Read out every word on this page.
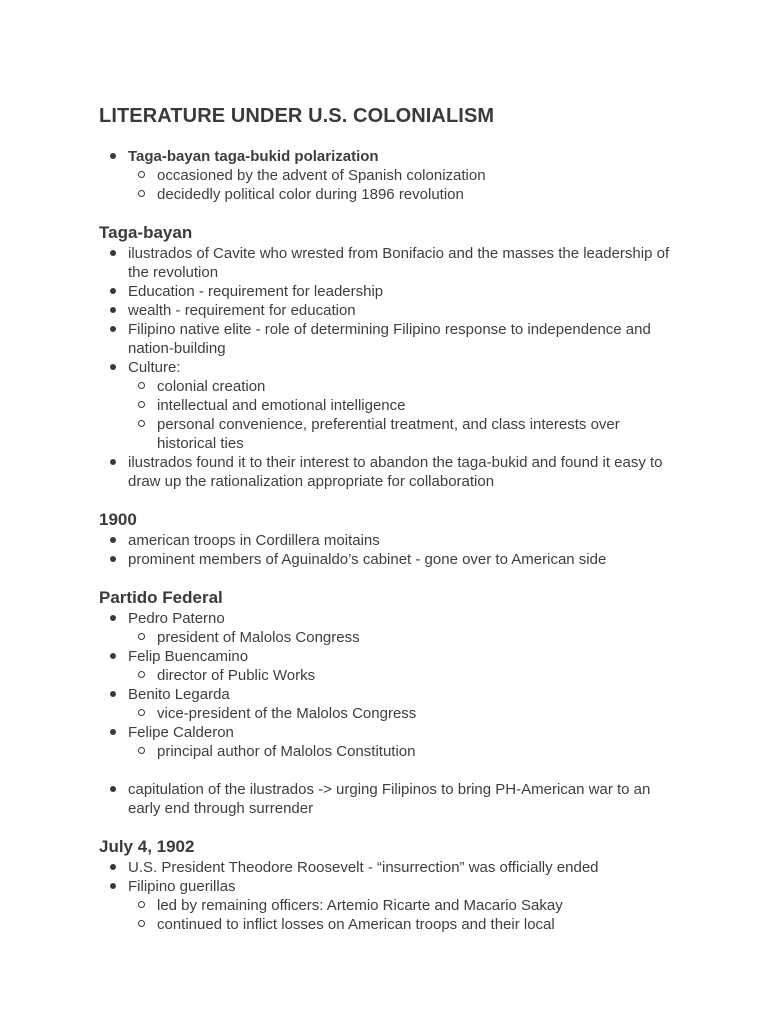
LITERATURE UNDER U.S. COLONIALISM
Taga-bayan taga-bukid polarization
occasioned by the advent of Spanish colonization
decidedly political color during 1896 revolution
Taga-bayan
ilustrados of Cavite who wrested from Bonifacio and the masses the leadership of the revolution
Education - requirement for leadership
wealth - requirement for education
Filipino native elite - role of determining Filipino response to independence and nation-building
Culture:
colonial creation
intellectual and emotional intelligence
personal convenience, preferential treatment, and class interests over historical ties
ilustrados found it to their interest to abandon the taga-bukid and found it easy to draw up the rationalization appropriate for collaboration
1900
american troops in Cordillera moitains
prominent members of Aguinaldo’s cabinet - gone over to American side
Partido Federal
Pedro Paterno
president of Malolos Congress
Felip Buencamino
director of Public Works
Benito Legarda
vice-president of the Malolos Congress
Felipe Calderon
principal author of Malolos Constitution
capitulation of the ilustrados -> urging Filipinos to bring PH-American war to an early end through surrender
July 4, 1902
U.S. President Theodore Roosevelt - “insurrection” was officially ended
Filipino guerillas
led by remaining officers: Artemio Ricarte and Macario Sakay
continued to inflict losses on American troops and their local
